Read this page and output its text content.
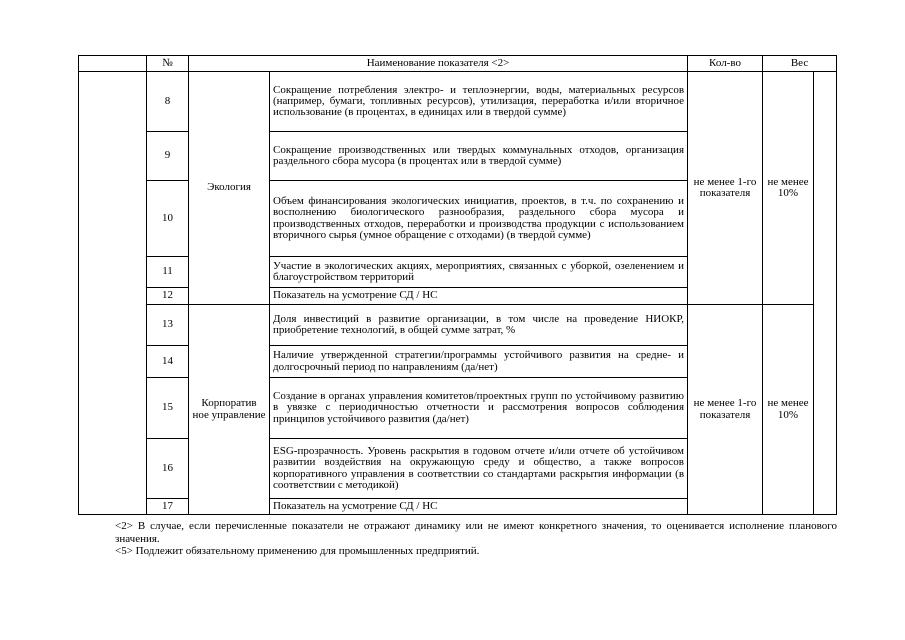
	№	Наименование показателя <2>		Кол-во	Вес	
	8	Экология	Сокращение потребления электро- и теплоэнергии, воды, материальных ресурсов (например, бумаги, топливных ресурсов), утилизация, переработка и/или вторичное использование (в процентах, в единицах или в твердой сумме)	не менее 1-го показателя	не менее 10%	
	9		Сокращение производственных или твердых коммунальных отходов, организация раздельного сбора мусора (в процентах или в твердой сумме)			
	10		Объем финансирования экологических инициатив, проектов, в т.ч. по сохранению и восполнению биологического разнообразия, раздельного сбора мусора и производственных отходов, переработки и производства продукции с использованием вторичного сырья (умное обращение с отходами) (в твердой сумме)			
	11		Участие в экологических акциях, мероприятиях, связанных с уборкой, озеленением и благоустройством территорий			
	12		Показатель на усмотрение СД / НС			
	13	Корпоратив ное управление	Доля инвестиций в развитие организации, в том числе на проведение НИОКР, приобретение технологий, в общей сумме затрат, %	не менее 1-го показателя	не менее 10%	
	14		Наличие утвержденной стратегии/программы устойчивого развития на средне- и долгосрочный период по направлениям (да/нет)			
	15		Создание в органах управления комитетов/проектных групп по устойчивому развитию в увязке с периодичностью отчетности и рассмотрения вопросов соблюдения принципов устойчивого развития (да/нет)			
	16		ESG-прозрачность. Уровень раскрытия в годовом отчете и/или отчете об устойчивом развитии воздействия на окружающую среду и общество, а также вопросов корпоративного управления в соответствии со стандартами раскрытия информации (в соответствии с методикой)			
	17		Показатель на усмотрение СД / НС			

<2> В случае, если перечисленные показатели не отражают динамику или не имеют конкретного значения, то оценивается исполнение планового значения.

<5> Подлежит обязательному применению для промышленных предприятий.
